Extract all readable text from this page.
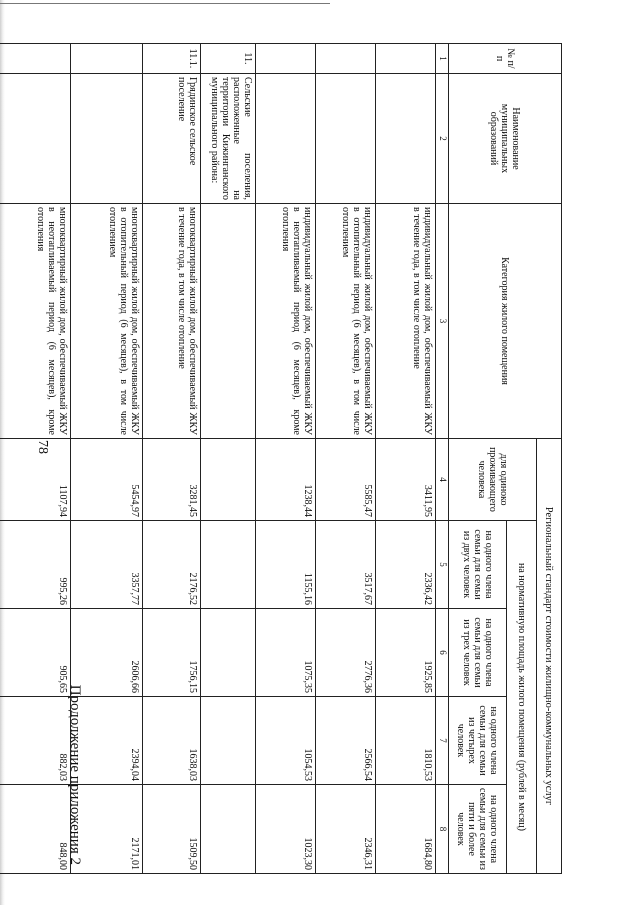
Продолжение приложения 2
78
№ п/п	Наименование муниципальных образований	Категория жилого помещения	Региональный стандарт стоимости жилищно-коммунальных услуг				
			для одиноко проживающего человека	на нормативную площадь жилого помещения (рублей в месяц)			
				на одного члена семьи для семьи из двух человек	на одного члена семьи для семьи из трех человек	на одного члена семьи для семьи из четырех человек	на одного члена семьи для семьи из пяти и более человек
1	2	3	4	5	6	7	8
		индивидуальный жилой дом, обеспечиваемый ЖКУ в течение года, в том числе отопление	3411,95	2336,42	1925,85	1810,53	1684,80
		индивидуальный жилой дом, обеспечиваемый ЖКУ в отопительный период (6 месяцев), в том числе отоплением	5585,47	3517,67	2776,36	2566,54	2346,31
		индивидуальный жилой дом, обеспечиваемый ЖКУ в неотапливаемый период (6 месяцев), кроме отопления	1238,44	1155,16	1075,35	1054,53	1023,30
11.	Сельские поселения, расположенные на территории Кижинганского муниципального района:						
11.1.	Грядинское сельское поселение	многоквартирный жилой дом, обеспечиваемый ЖКУ в течение года, в том числе отопление	3281,45	2176,52	1756,15	1638,03	1509,50
		многоквартирный жилой дом, обеспечиваемый ЖКУ в отопительный период (6 месяцев), в том числе отоплением	5454,97	3357,77	2606,66	2394,04	2171,01
		многоквартирный жилой дом, обеспечиваемый ЖКУ в неотапливаемый период (6 месяцев), кроме отопления	1107,94	995,26	905,65	882,03	848,00
